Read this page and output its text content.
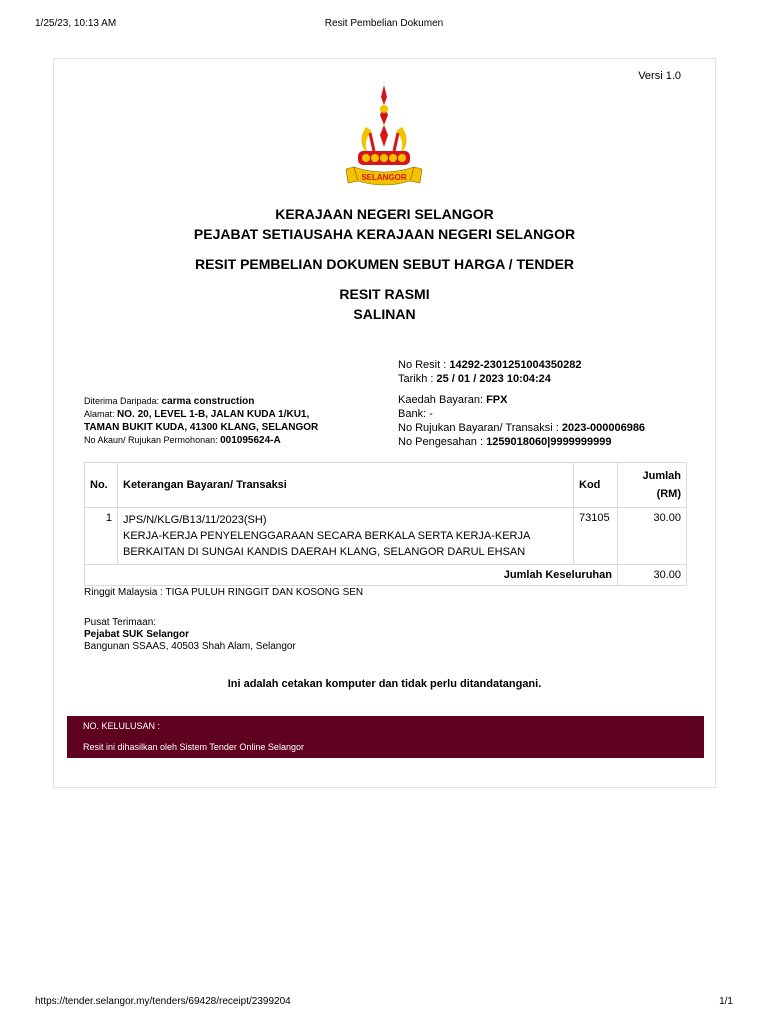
1/25/23, 10:13 AM	Resit Pembelian Dokumen
Versi 1.0
SELANGOR
KERAJAAN NEGERI SELANGOR
PEJABAT SETIAUSAHA KERAJAAN NEGERI SELANGOR
RESIT PEMBELIAN DOKUMEN SEBUT HARGA / TENDER
RESIT RASMI
SALINAN
No Resit : 14292-2301251004350282
Tarikh : 25 / 01 / 2023 10:04:24
Kaedah Bayaran: FPX
Bank: -
No Rujukan Bayaran/ Transaksi : 2023-000006986
No Pengesahan : 1259018060|9999999999
Diterima Daripada: carma construction
Alamat: NO. 20, LEVEL 1-B, JALAN KUDA 1/KU1, TAMAN BUKIT KUDA, 41300 KLANG, SELANGOR
No Akaun/ Rujukan Permohonan: 001095624-A
No.	Keterangan Bayaran/ Transaksi	Kod	Jumlah
(RM)
1	JPS/N/KLG/B13/11/2023(SH)
KERJA-KERJA PENYELENGGARAAN SECARA BERKALA SERTA KERJA-KERJA BERKAITAN DI SUNGAI KANDIS DAERAH KLANG, SELANGOR DARUL EHSAN	73105	30.00
Jumlah Keseluruhan			30.00
Ringgit Malaysia : TIGA PULUH RINGGIT DAN KOSONG SEN
Pusat Terimaan:
Pejabat SUK Selangor
Bangunan SSAAS, 40503 Shah Alam, Selangor
Ini adalah cetakan komputer dan tidak perlu ditandatangani.
NO. KELULUSAN :
Resit ini dihasilkan oleh Sistem Tender Online Selangor
https://tender.selangor.my/tenders/69428/receipt/2399204	1/1
